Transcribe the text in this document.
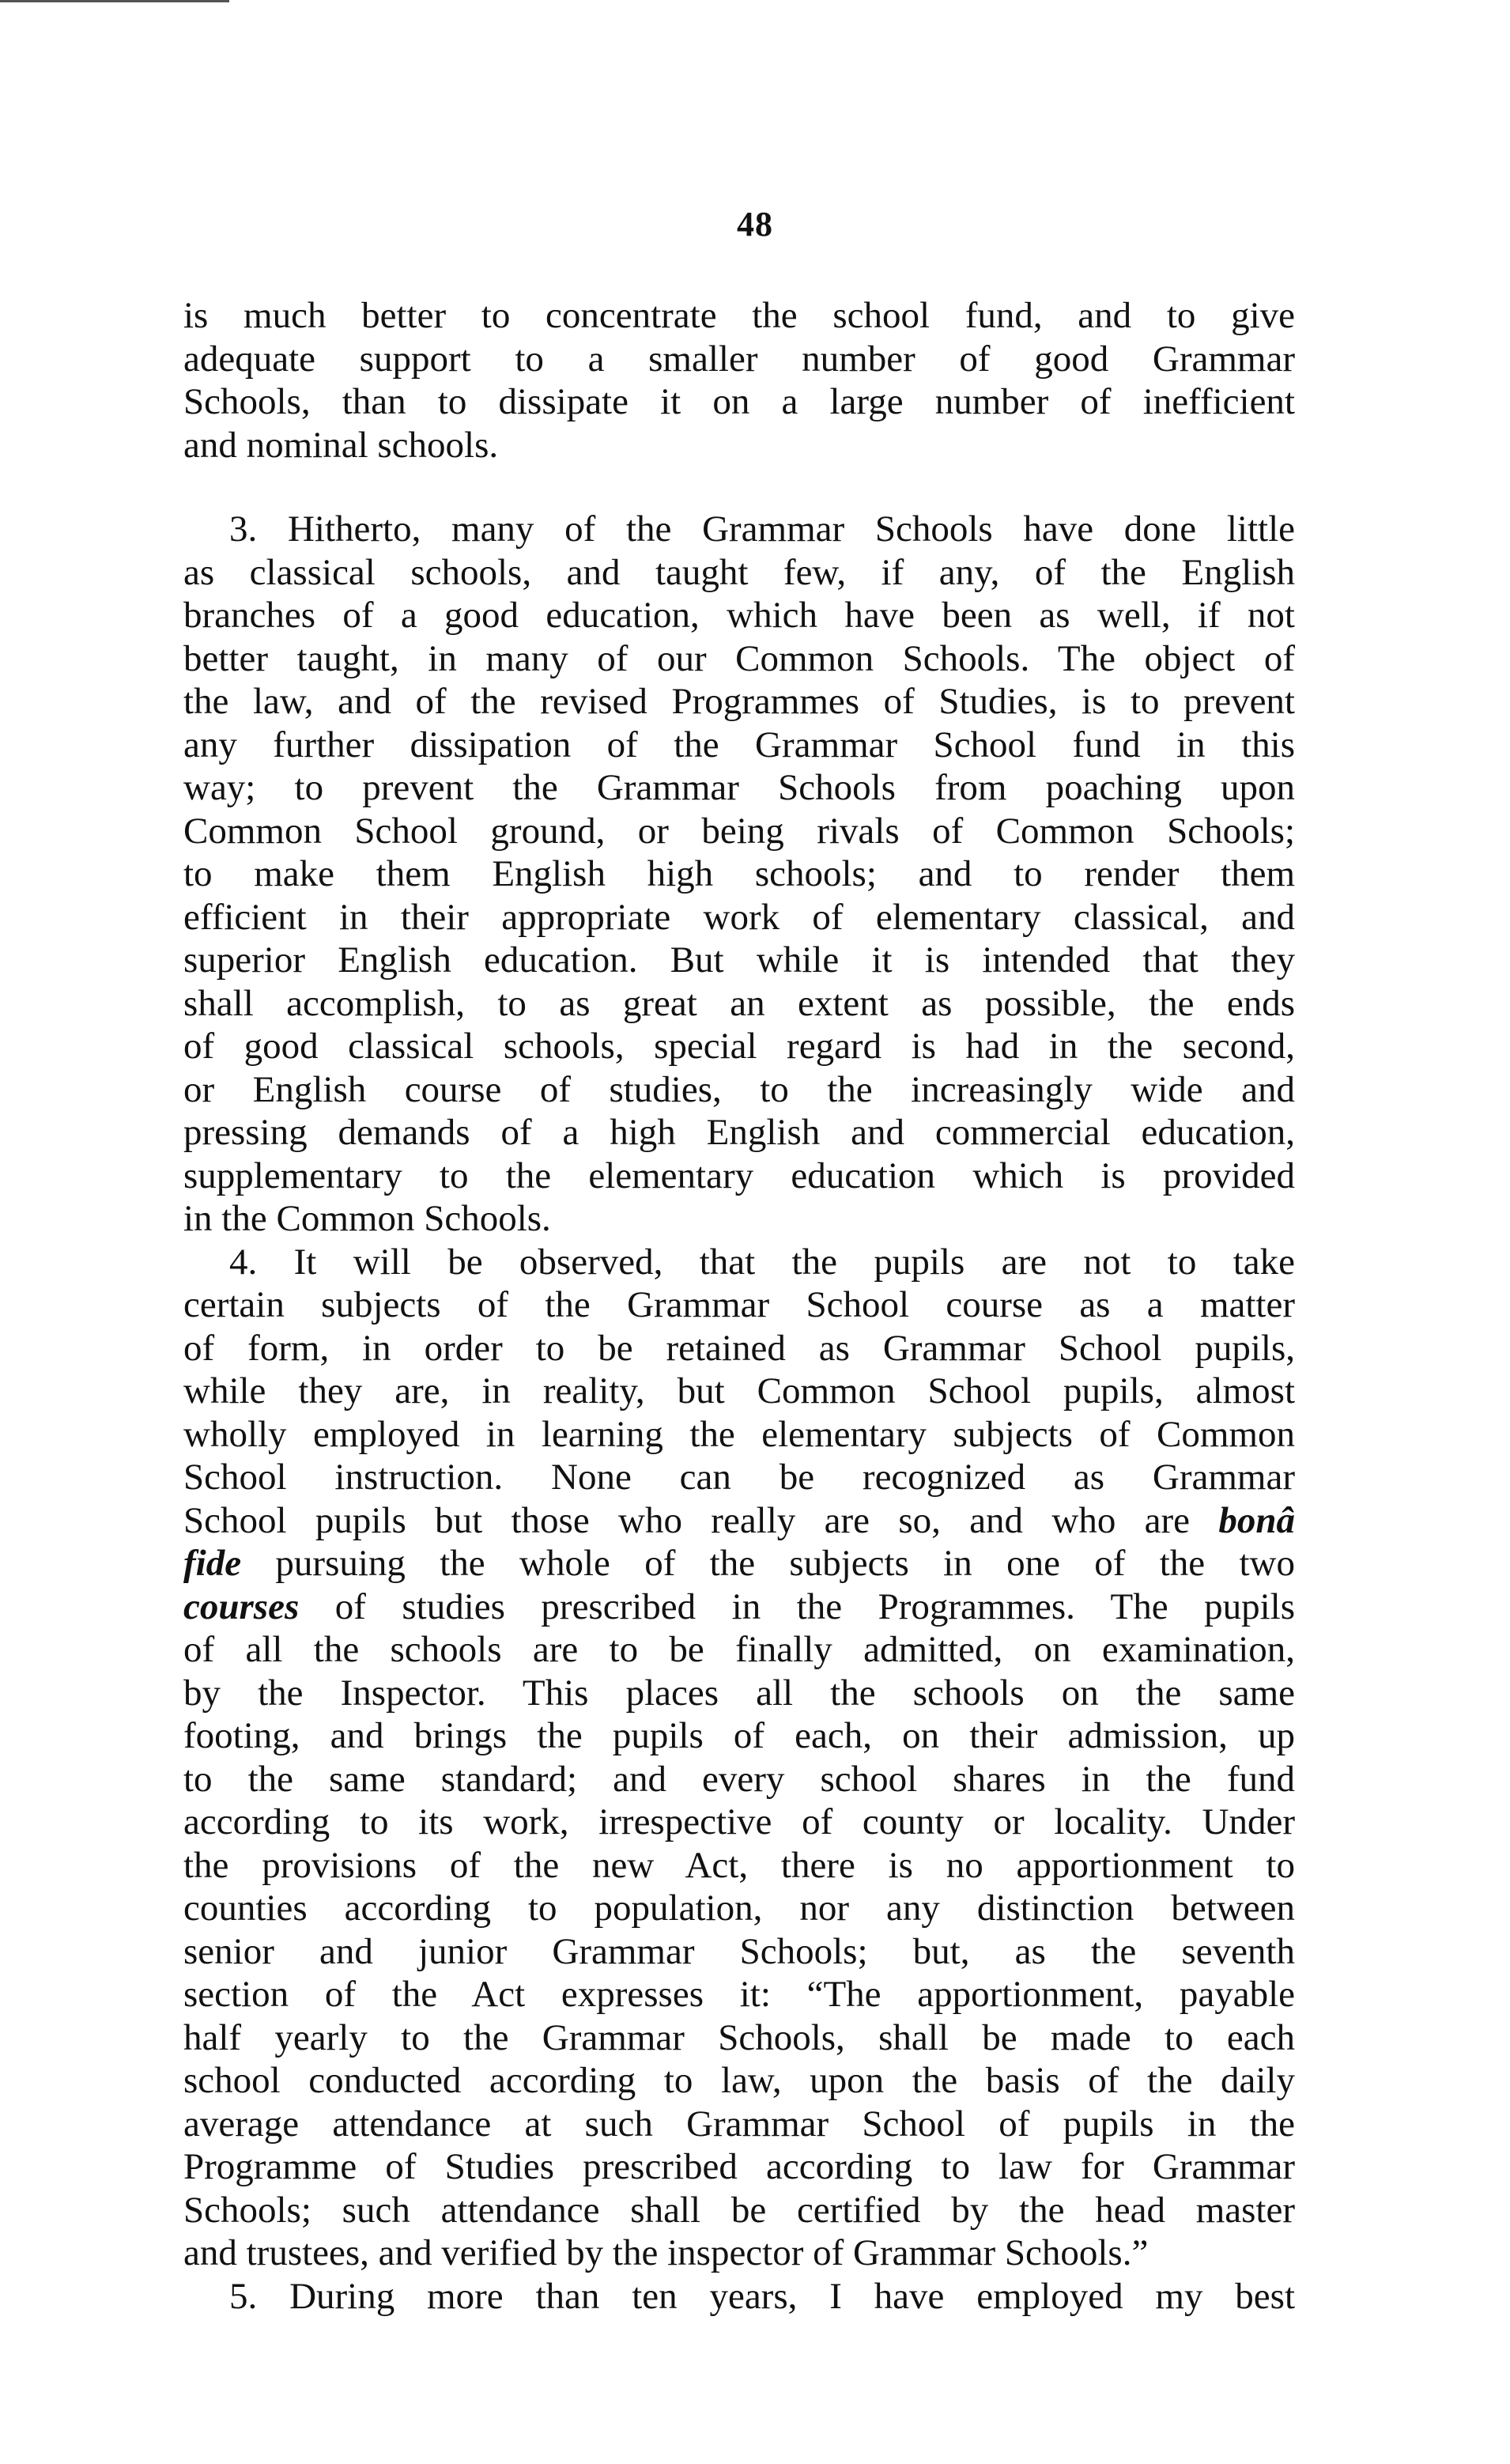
48
is much better to concentrate the school fund, and to give
adequate support to a smaller number of good Grammar
Schools, than to dissipate it on a large number of inefficient
and nominal schools.
3. Hitherto, many of the Grammar Schools have done little
as classical schools, and taught few, if any, of the English
branches of a good education, which have been as well, if not
better taught, in many of our Common Schools. The object of
the law, and of the revised Programmes of Studies, is to prevent
any further dissipation of the Grammar School fund in this
way; to prevent the Grammar Schools from poaching upon
Common School ground, or being rivals of Common Schools;
to make them English high schools; and to render them
efficient in their appropriate work of elementary classical, and
superior English education. But while it is intended that they
shall accomplish, to as great an extent as possible, the ends
of good classical schools, special regard is had in the second,
or English course of studies, to the increasingly wide and
pressing demands of a high English and commercial education,
supplementary to the elementary education which is provided
in the Common Schools.
4. It will be observed, that the pupils are not to take
certain subjects of the Grammar School course as a matter
of form, in order to be retained as Grammar School pupils,
while they are, in reality, but Common School pupils, almost
wholly employed in learning the elementary subjects of Common
School instruction. None can be recognized as Grammar
School pupils but those who really are so, and who are bonâ
fide pursuing the whole of the subjects in one of the two
courses of studies prescribed in the Programmes. The pupils
of all the schools are to be finally admitted, on examination,
by the Inspector. This places all the schools on the same
footing, and brings the pupils of each, on their admission, up
to the same standard; and every school shares in the fund
according to its work, irrespective of county or locality. Under
the provisions of the new Act, there is no apportionment to
counties according to population, nor any distinction between
senior and junior Grammar Schools; but, as the seventh
section of the Act expresses it: “The apportionment, payable
half yearly to the Grammar Schools, shall be made to each
school conducted according to law, upon the basis of the daily
average attendance at such Grammar School of pupils in the
Programme of Studies prescribed according to law for Grammar
Schools; such attendance shall be certified by the head master
and trustees, and verified by the inspector of Grammar Schools.”
5. During more than ten years, I have employed my best
